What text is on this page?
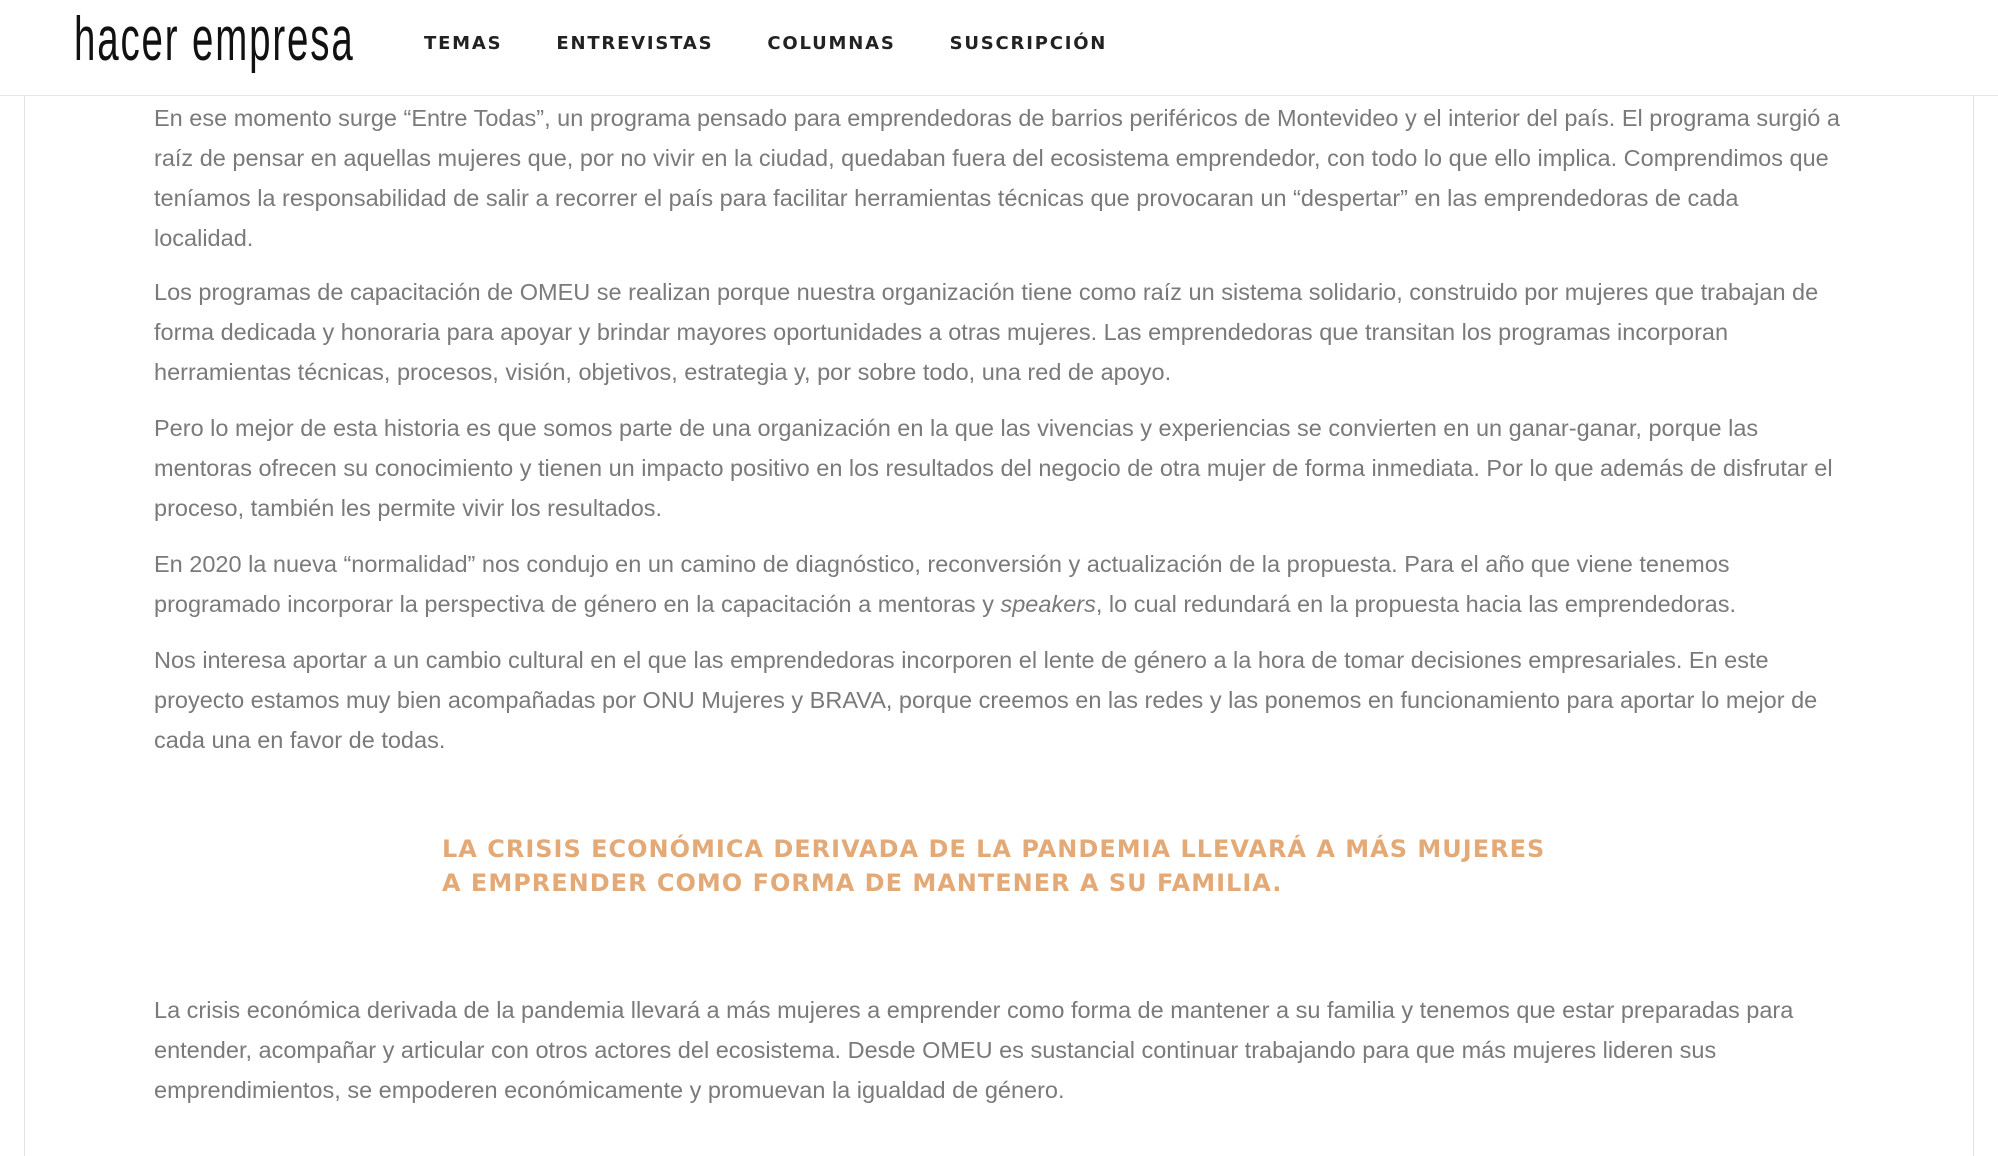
hacer empresa	TEMAS	ENTREVISTAS	COLUMNAS	SUSCRIPCIÓN

En ese momento surge “Entre Todas”, un programa pensado para emprendedoras de barrios periféricos de Montevideo y el interior del país. El programa surgió a raíz de pensar en aquellas mujeres que, por no vivir en la ciudad, quedaban fuera del ecosistema emprendedor, con todo lo que ello implica. Comprendimos que teníamos la responsabilidad de salir a recorrer el país para facilitar herramientas técnicas que provocaran un “despertar” en las emprendedoras de cada localidad.

Los programas de capacitación de OMEU se realizan porque nuestra organización tiene como raíz un sistema solidario, construido por mujeres que trabajan de forma dedicada y honoraria para apoyar y brindar mayores oportunidades a otras mujeres. Las emprendedoras que transitan los programas incorporan herramientas técnicas, procesos, visión, objetivos, estrategia y, por sobre todo, una red de apoyo.

Pero lo mejor de esta historia es que somos parte de una organización en la que las vivencias y experiencias se convierten en un ganar-ganar, porque las mentoras ofrecen su conocimiento y tienen un impacto positivo en los resultados del negocio de otra mujer de forma inmediata. Por lo que además de disfrutar el proceso, también les permite vivir los resultados.

En 2020 la nueva “normalidad” nos condujo en un camino de diagnóstico, reconversión y actualización de la propuesta. Para el año que viene tenemos programado incorporar la perspectiva de género en la capacitación a mentoras y speakers, lo cual redundará en la propuesta hacia las emprendedoras.

Nos interesa aportar a un cambio cultural en el que las emprendedoras incorporen el lente de género a la hora de tomar decisiones empresariales. En este proyecto estamos muy bien acompañadas por ONU Mujeres y BRAVA, porque creemos en las redes y las ponemos en funcionamiento para aportar lo mejor de cada una en favor de todas.

LA CRISIS ECONÓMICA DERIVADA DE LA PANDEMIA LLEVARÁ A MÁS MUJERES A EMPRENDER COMO FORMA DE MANTENER A SU FAMILIA.

La crisis económica derivada de la pandemia llevará a más mujeres a emprender como forma de mantener a su familia y tenemos que estar preparadas para entender, acompañar y articular con otros actores del ecosistema. Desde OMEU es sustancial continuar trabajando para que más mujeres lideren sus emprendimientos, se empoderen económicamente y promuevan la igualdad de género.
